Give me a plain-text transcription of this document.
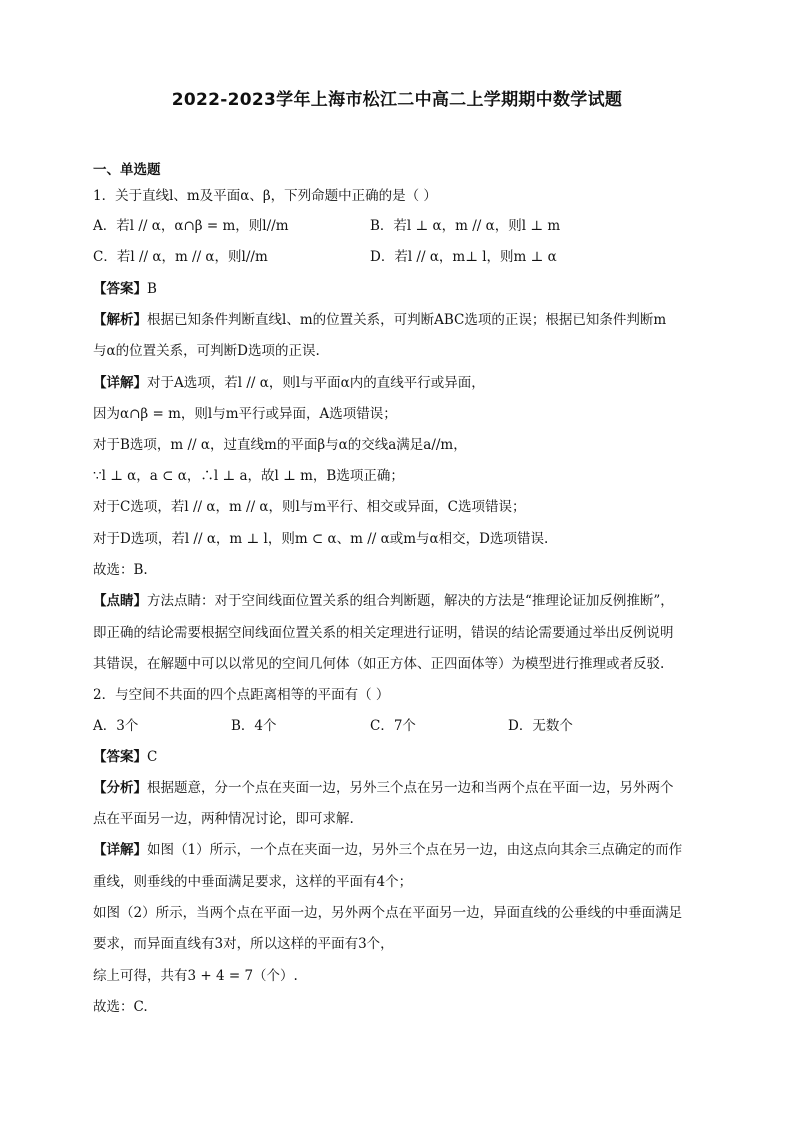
2022-2023学年上海市松江二中高二上学期期中数学试题
一、单选题
1．关于直线l、m及平面α、β，下列命题中正确的是（ ）
A．若l // α，α∩β = m，则l//m	B．若l ⊥ α，m // α，则l ⊥ m
C．若l // α，m // α，则l//m	D．若l // α，m⊥ l，则m ⊥ α
【答案】B
【解析】根据已知条件判断直线l、m的位置关系，可判断ABC选项的正误；根据已知条件判断m
与α的位置关系，可判断D选项的正误.
【详解】对于A选项，若l // α，则l与平面α内的直线平行或异面，
因为α∩β = m，则l与m平行或异面，A选项错误；
对于B选项，m // α，过直线m的平面β与α的交线a满足a//m，
∵l ⊥ α，a ⊂ α，∴l ⊥ a，故l ⊥ m，B选项正确；
对于C选项，若l // α，m // α，则l与m平行、相交或异面，C选项错误；
对于D选项，若l // α，m ⊥ l，则m ⊂ α、m // α或m与α相交，D选项错误.
故选：B.
【点睛】方法点睛：对于空间线面位置关系的组合判断题，解决的方法是“推理论证加反例推断”，
即正确的结论需要根据空间线面位置关系的相关定理进行证明，错误的结论需要通过举出反例说明
其错误，在解题中可以以常见的空间几何体（如正方体、正四面体等）为模型进行推理或者反驳.
2．与空间不共面的四个点距离相等的平面有（ ）
A．3个	B．4个	C．7个	D．无数个
【答案】C
【分析】根据题意，分一个点在夹面一边，另外三个点在另一边和当两个点在平面一边，另外两个
点在平面另一边，两种情况讨论，即可求解.
【详解】如图（1）所示，一个点在夹面一边，另外三个点在另一边，由这点向其余三点确定的而作
重线，则垂线的中垂面满足要求，这样的平面有4个；
如图（2）所示，当两个点在平面一边，另外两个点在平面另一边，异面直线的公垂线的中垂面满足
要求，而异面直线有3对，所以这样的平面有3个，
综上可得，共有3 + 4 = 7（个）.
故选：C.
